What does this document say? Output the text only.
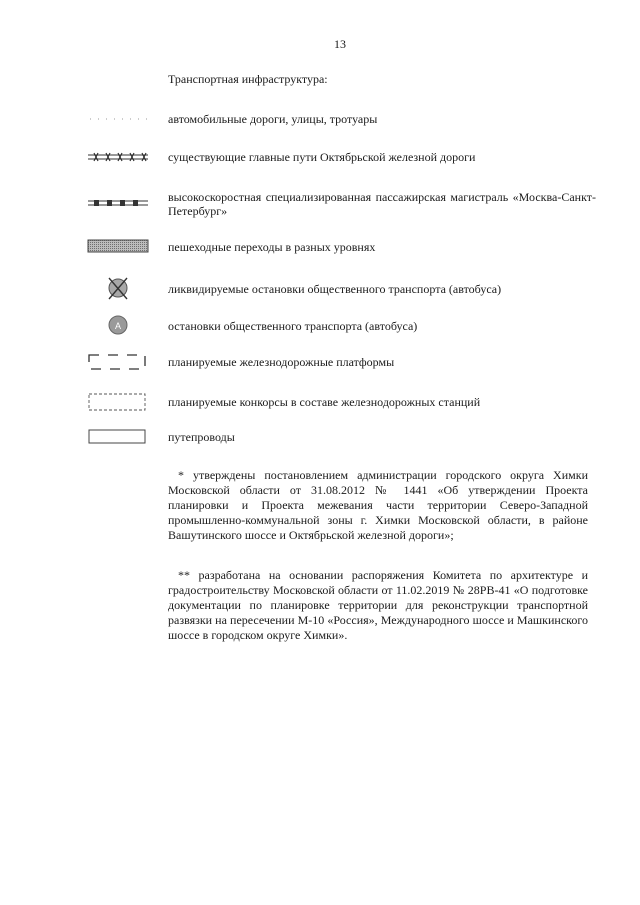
13
Транспортная инфраструктура:
автомобильные дороги, улицы, тротуары
существующие главные пути Октябрьской железной дороги
высокоскоростная специализированная пассажирская магистраль «Москва-Санкт-Петербург»
пешеходные переходы в разных уровнях
ликвидируемые остановки общественного транспорта (автобуса)
А	остановки общественного транспорта (автобуса)
планируемые железнодорожные платформы
планируемые конкорсы в составе железнодорожных станций
путепроводы
* утверждены постановлением администрации городского округа Химки Московской области от 31.08.2012 № 1441 «Об утверждении Проекта планировки и Проекта межевания части территории Северо-Западной промышленно-коммунальной зоны г. Химки Московской области, в районе Вашутинского шоссе и Октябрьской железной дороги»;
** разработана на основании распоряжения Комитета по архитектуре и градостроительству Московской области от 11.02.2019 № 28РВ-41 «О подготовке документации по планировке территории для реконструкции транспортной развязки на пересечении М-10 «Россия», Международного шоссе и Машкинского шоссе в городском округе Химки».
